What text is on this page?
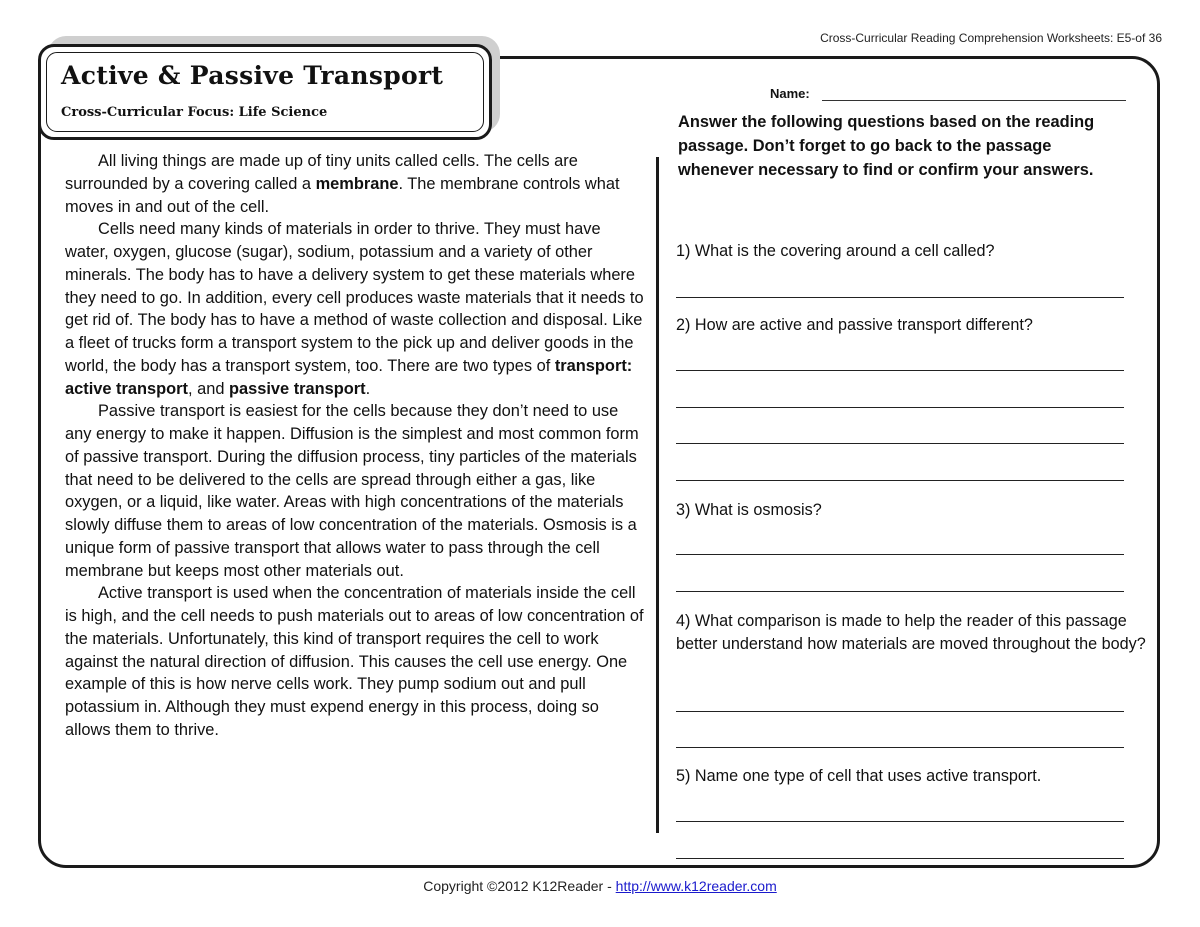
Cross-Curricular Reading Comprehension Worksheets: E5-of 36
Active & Passive Transport
Cross-Curricular Focus: Life Science

All living things are made up of tiny units called cells. The cells are surrounded by a covering called a membrane. The membrane controls what moves in and out of the cell.

Cells need many kinds of materials in order to thrive. They must have water, oxygen, glucose (sugar), sodium, potassium and a variety of other minerals. The body has to have a delivery system to get these materials where they need to go. In addition, every cell produces waste materials that it needs to get rid of. The body has to have a method of waste collection and disposal. Like a fleet of trucks form a transport system to the pick up and deliver goods in the world, the body has a transport system, too. There are two types of transport: active transport, and passive transport.

Passive transport is easiest for the cells because they don’t need to use any energy to make it happen. Diffusion is the simplest and most common form of passive transport. During the diffusion process, tiny particles of the materials that need to be delivered to the cells are spread through either a gas, like oxygen, or a liquid, like water. Areas with high concentrations of the materials slowly diffuse them to areas of low concentration of the materials. Osmosis is a unique form of passive transport that allows water to pass through the cell membrane but keeps most other materials out.

Active transport is used when the concentration of materials inside the cell is high, and the cell needs to push materials out to areas of low concentration of the materials. Unfortunately, this kind of transport requires the cell to work against the natural direction of diffusion. This causes the cell use energy. One example of this is how nerve cells work. They pump sodium out and pull potassium in. Although they must expend energy in this process, doing so allows them to thrive.

Name:
Answer the following questions based on the reading passage. Don’t forget to go back to the passage whenever necessary to find or confirm your answers.
1) What is the covering around a cell called?
2) How are active and passive transport different?
3) What is osmosis?
4) What comparison is made to help the reader of this passage better understand how materials are moved throughout the body?
5) Name one type of cell that uses active transport.
Copyright ©2012 K12Reader - http://www.k12reader.com
